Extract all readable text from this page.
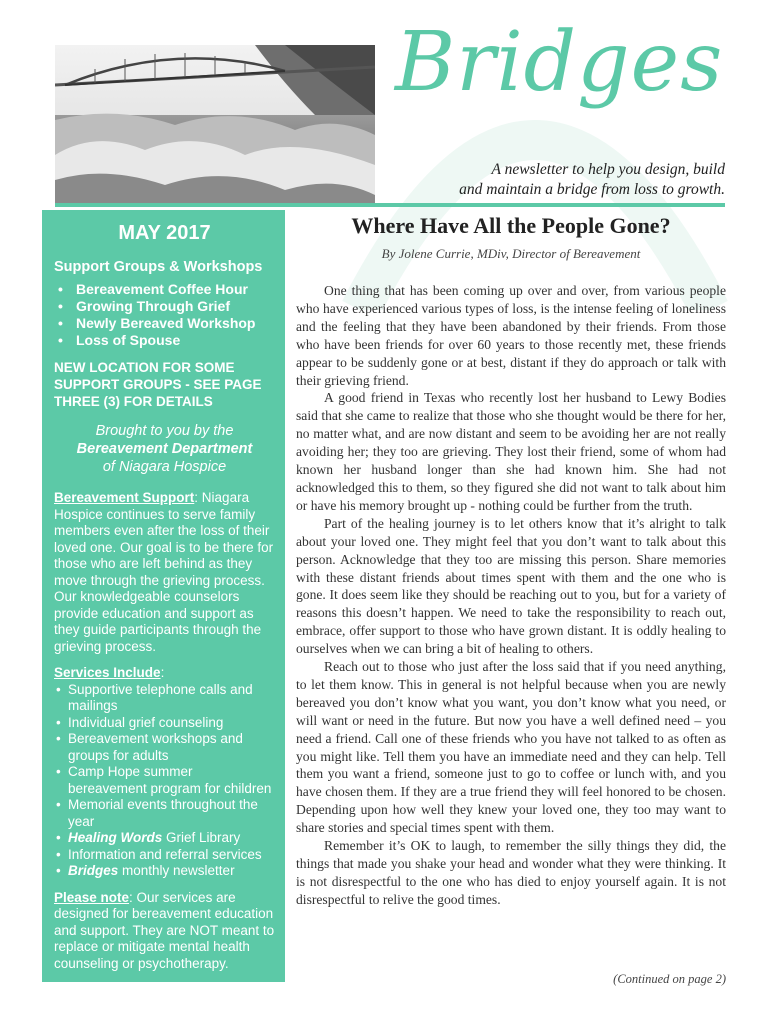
Bridges
A newsletter to help you design, build
and maintain a bridge from loss to growth.
MAY 2017
Support Groups & Workshops
• Bereavement Coffee Hour
• Growing Through Grief
• Newly Bereaved Workshop
• Loss of Spouse
NEW LOCATION FOR SOME SUPPORT GROUPS - SEE PAGE THREE (3) FOR DETAILS
Brought to you by the
Bereavement Department
of Niagara Hospice

Bereavement Support: Niagara Hospice continues to serve family members even after the loss of their loved one. Our goal is to be there for those who are left behind as they move through the grieving process. Our knowledgeable counselors provide education and support as they guide participants through the grieving process.

Services Include:
• Supportive telephone calls and mailings
• Individual grief counseling
• Bereavement workshops and groups for adults
• Camp Hope summer bereavement program for children
• Memorial events throughout the year
• Healing Words Grief Library
• Information and referral services
• Bridges monthly newsletter

Please note: Our services are designed for bereavement education and support. They are NOT meant to replace or mitigate mental health counseling or psychotherapy.

Where Have All the People Gone?
By Jolene Currie, MDiv, Director of Bereavement

One thing that has been coming up over and over, from various people who have experienced various types of loss, is the intense feeling of loneliness and the feeling that they have been abandoned by their friends. From those who have been friends for over 60 years to those recently met, these friends appear to be suddenly gone or at best, distant if they do approach or talk with their grieving friend.

A good friend in Texas who recently lost her husband to Lewy Bodies said that she came to realize that those who she thought would be there for her, no matter what, and are now distant and seem to be avoiding her are not really avoiding her; they too are grieving. They lost their friend, some of whom had known her husband longer than she had known him. She had not acknowledged this to them, so they figured she did not want to talk about him or have his memory brought up - nothing could be further from the truth.

Part of the healing journey is to let others know that it’s alright to talk about your loved one. They might feel that you don’t want to talk about this person. Acknowledge that they too are missing this person. Share memories with these distant friends about times spent with them and the one who is gone. It does seem like they should be reaching out to you, but for a variety of reasons this doesn’t happen. We need to take the responsibility to reach out, embrace, offer support to those who have grown distant. It is oddly healing to ourselves when we can bring a bit of healing to others.

Reach out to those who just after the loss said that if you need anything, to let them know. This in general is not helpful because when you are newly bereaved you don’t know what you want, you don’t know what you need, or will want or need in the future. But now you have a well defined need – you need a friend. Call one of these friends who you have not talked to as often as you might like. Tell them you have an immediate need and they can help. Tell them you want a friend, someone just to go to coffee or lunch with, and you have chosen them. If they are a true friend they will feel honored to be chosen. Depending upon how well they knew your loved one, they too may want to share stories and special times spent with them.

Remember it’s OK to laugh, to remember the silly things they did, the things that made you shake your head and wonder what they were thinking. It is not disrespectful to the one who has died to enjoy yourself again. It is not disrespectful to relive the good times.

(Continued on page 2)
